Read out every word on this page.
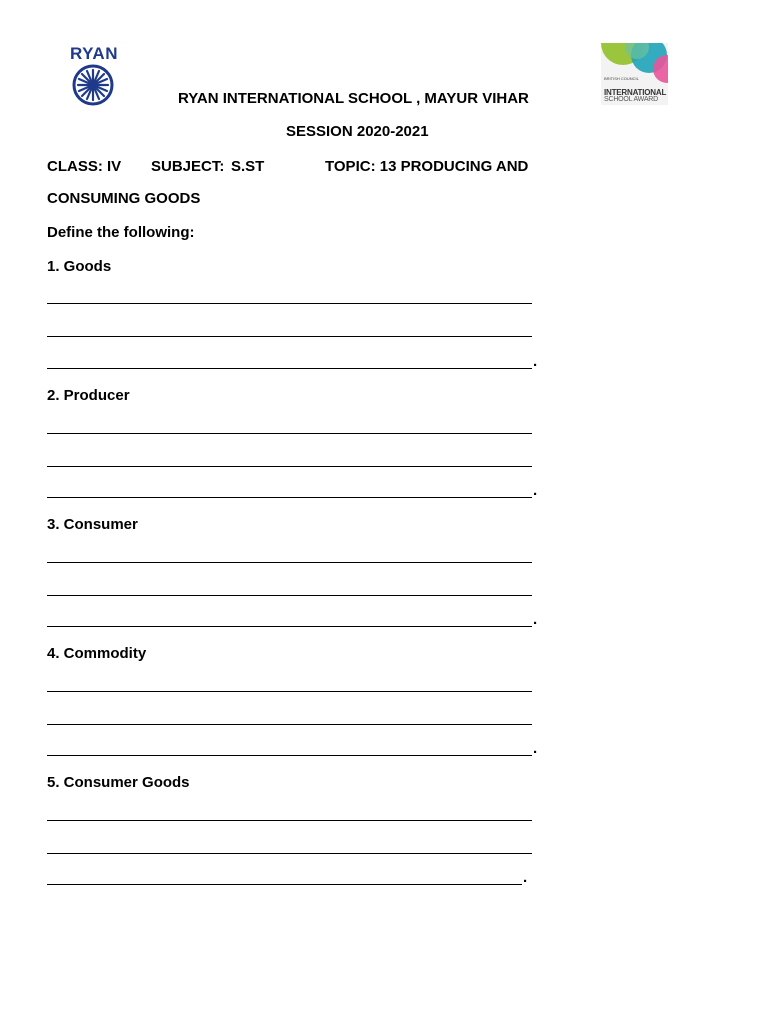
RYAN
BRITISH COUNCIL
INTERNATIONAL
SCHOOL AWARD
RYAN INTERNATIONAL SCHOOL , MAYUR VIHAR
SESSION 2020-2021
CLASS: IV SUBJECT: S.ST	TOPIC: 13 PRODUCING AND
CONSUMING GOODS
Define the following:
1. Goods
.
2. Producer
.
3. Consumer
.
4. Commodity
.
5. Consumer Goods
.
